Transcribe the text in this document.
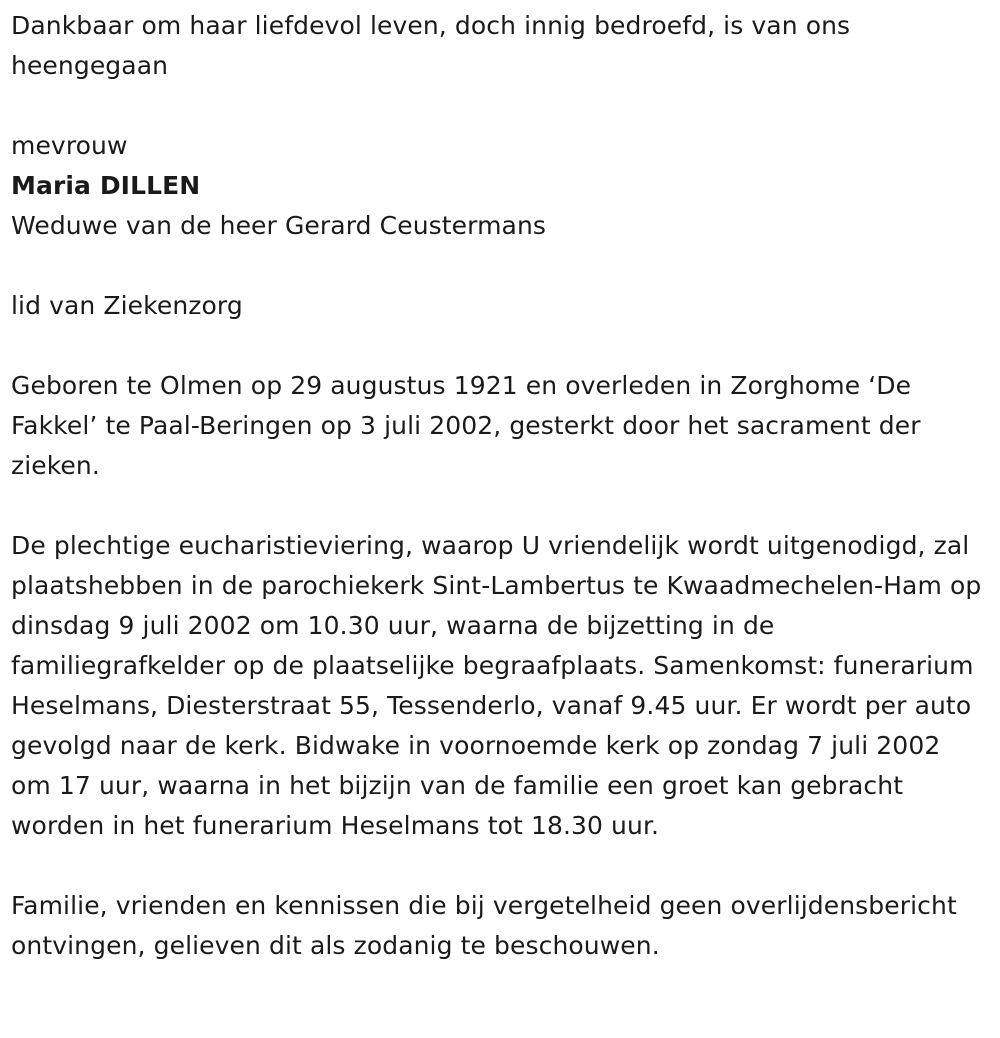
Dankbaar om haar liefdevol leven, doch innig bedroefd, is van ons heengegaan

mevrouw

Maria DILLEN

Weduwe van de heer Gerard Ceustermans

lid van Ziekenzorg

Geboren te Olmen op 29 augustus 1921 en overleden in Zorghome ‘De Fakkel’ te Paal-Beringen op 3 juli 2002, gesterkt door het sacrament der zieken.

De plechtige eucharistieviering, waarop U vriendelijk wordt uitgenodigd, zal plaatshebben in de parochiekerk Sint-Lambertus te Kwaadmechelen-Ham op dinsdag 9 juli 2002 om 10.30 uur, waarna de bijzetting in de familiegrafkelder op de plaatselijke begraafplaats. Samenkomst: funerarium Heselmans, Diesterstraat 55, Tessenderlo, vanaf 9.45 uur. Er wordt per auto gevolgd naar de kerk. Bidwake in voornoemde kerk op zondag 7 juli 2002 om 17 uur, waarna in het bijzijn van de familie een groet kan gebracht worden in het funerarium Heselmans tot 18.30 uur.

Familie, vrienden en kennissen die bij vergetelheid geen overlijdensbericht ontvingen, gelieven dit als zodanig te beschouwen.
